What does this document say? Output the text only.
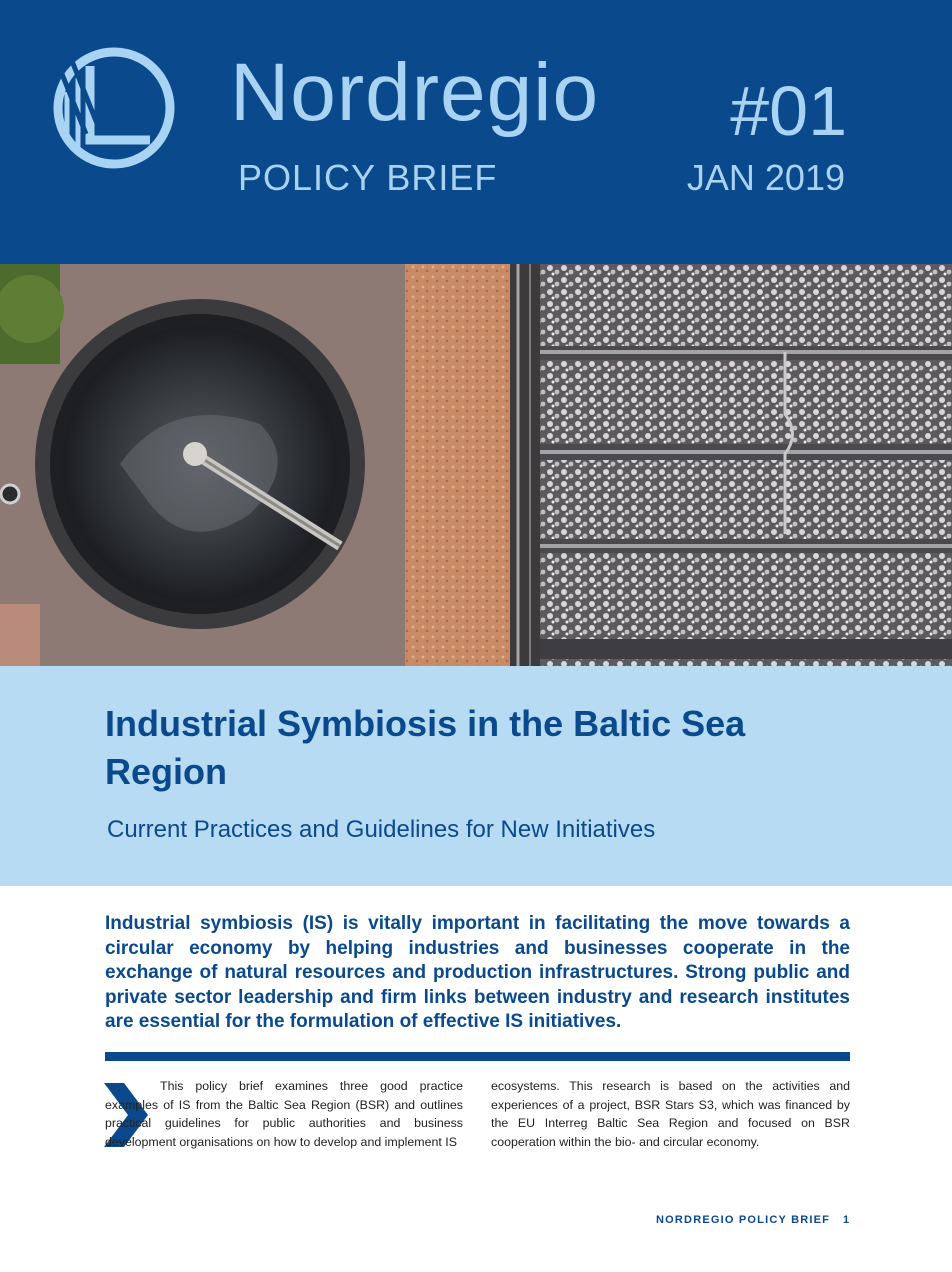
Nordregio #01
POLICY BRIEF	JAN 2019
Industrial Symbiosis in the Baltic Sea Region
Current Practices and Guidelines for New Initiatives

Industrial symbiosis (IS) is vitally important in facilitating the move towards a circular economy by helping industries and businesses cooperate in the exchange of natural resources and production infrastructures. Strong public and private sector leadership and firm links between industry and research institutes are essential for the formulation of effective IS initiatives.

This policy brief examines three good practice examples of IS from the Baltic Sea Region (BSR) and outlines practical guidelines for public authorities and business development organisations on how to develop and implement IS

ecosystems. This research is based on the activities and experiences of a project, BSR Stars S3, which was financed by the EU Interreg Baltic Sea Region and focused on BSR cooperation within the bio- and circular economy.

NORDREGIO POLICY BRIEF 1
